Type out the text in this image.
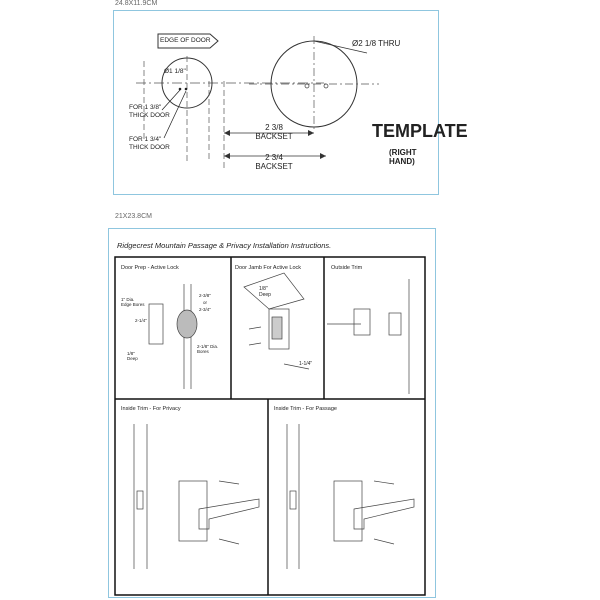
24.8X11.9CM
EDGE OF DOOR
Ø1 1/8"
Ø2 1/8 THRU
FOR 1 3/8"
THICK DOOR
FOR 1 3/4"
THICK DOOR
2 3/8
BACKSET
2 3/4
BACKSET
TEMPLATE
(RIGHT HAND)
21X23.8CM
Ridgecrest Mountain Passage & Privacy Installation Instructions.
Door Prep - Active Lock	Door Jamb For Active Lock	Outside Trim
Inside Trim - For Privacy	Inside Trim - For Passage
1" Dia.
Edge Bores
2-3/8"
or
2-3/4"
2-1/4"
1/8"
Deep
2-1/8" Dia.
Bores
1/8"
Deep
1-1/4"
